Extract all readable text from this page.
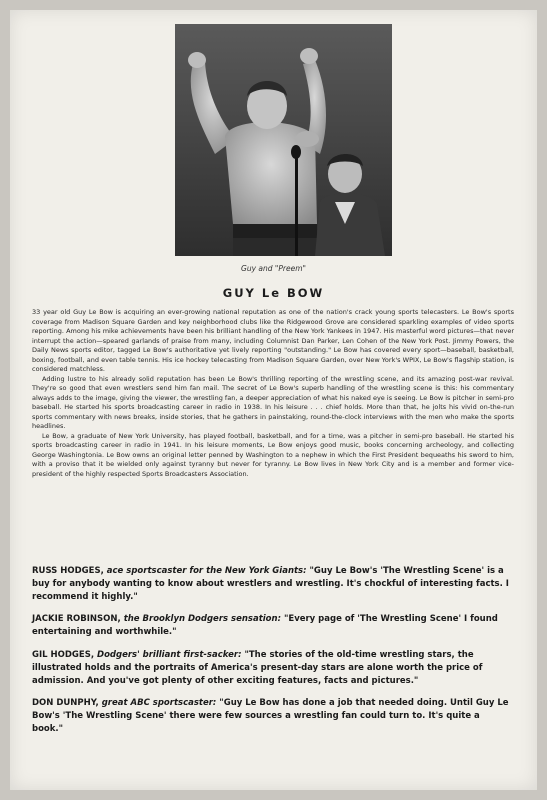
Guy and "Preem"
GUY Le BOW

33 year old Guy Le Bow is acquiring an ever-growing national reputation as one of the nation's crack young sports telecasters. Le Bow's sports coverage from Madison Square Garden and key neighborhood clubs like the Ridgewood Grove are considered sparkling examples of video sports reporting. Among his mike achievements have been his brilliant handling of the New York Yankees in 1947. His masterful word pictures—that never interrupt the action—speared garlands of praise from many, including Columnist Dan Parker, Len Cohen of the New York Post. Jimmy Powers, the Daily News sports editor, tagged Le Bow's authoritative yet lively reporting "outstanding." Le Bow has covered every sport—baseball, basketball, boxing, football, and even table tennis. His ice hockey telecasting from Madison Square Garden, over New York's WPIX, Le Bow's flagship station, is considered matchless.

Adding lustre to his already solid reputation has been Le Bow's thrilling reporting of the wrestling scene, and its amazing post-war revival. They're so good that even wrestlers send him fan mail. The secret of Le Bow's superb handling of the wrestling scene is this: his commentary always adds to the image, giving the viewer, the wrestling fan, a deeper appreciation of what his naked eye is seeing. Le Bow is pitcher in semi-pro baseball. He started his sports broadcasting career in radio in 1938. In his leisure . . . chief holds. More than that, he jolts his vivid on-the-run sports commentary with news breaks, inside stories, that he gathers in painstaking, round-the-clock interviews with the men who make the sports headlines.

Le Bow, a graduate of New York University, has played football, basketball, and for a time, was a pitcher in semi-pro baseball. He started his sports broadcasting career in radio in 1941. In his leisure moments, Le Bow enjoys good music, books concerning archeology, and collecting George Washingtonia. Le Bow owns an original letter penned by Washington to a nephew in which the First President bequeaths his sword to him, with a proviso that it be wielded only against tyranny but never for tyranny. Le Bow lives in New York City and is a member and former vice-president of the highly respected Sports Broadcasters Association.

RUSS HODGES, ace sportscaster for the New York Giants: "Guy Le Bow's 'The Wrestling Scene' is a buy for anybody wanting to know about wrestlers and wrestling. It's chockful of interesting facts. I recommend it highly."

JACKIE ROBINSON, the Brooklyn Dodgers sensation: "Every page of 'The Wrestling Scene' I found entertaining and worthwhile."

GIL HODGES, Dodgers' brilliant first-sacker: "The stories of the old-time wrestling stars, the illustrated holds and the portraits of America's present-day stars are alone worth the price of admission. And you've got plenty of other exciting features, facts and pictures."

DON DUNPHY, great ABC sportscaster: "Guy Le Bow has done a job that needed doing. Until Guy Le Bow's 'The Wrestling Scene' there were few sources a wrestling fan could turn to. It's quite a book."
